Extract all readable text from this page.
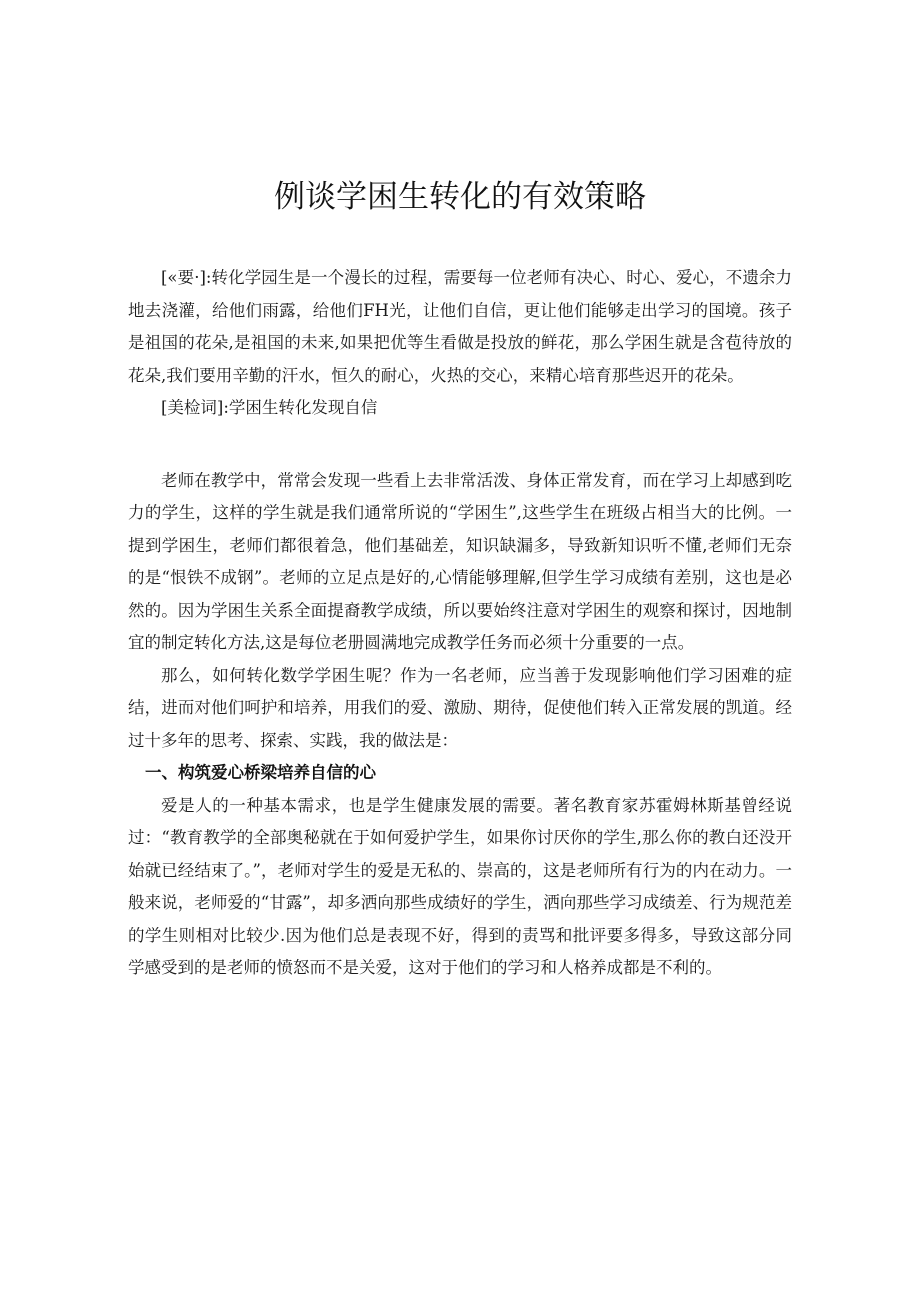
例谈学困生转化的有效策略

[«要·]:转化学园生是一个漫长的过程，需要每一位老师有决心、时心、爱心，不遗余力地去浇灌，给他们雨露，给他们FH光，让他们自信，更让他们能够走出学习的国境。孩子是祖国的花朵,是祖国的未来,如果把优等生看做是投放的鲜花，那么学困生就是含苞待放的花朵,我们要用辛勤的汗水，恒久的耐心，火热的交心，来精心培育那些迟开的花朵。

[美检词]:学困生转化发现自信

老师在教学中，常常会发现一些看上去非常活泼、身体正常发育，而在学习上却感到吃力的学生，这样的学生就是我们通常所说的“学困生”,这些学生在班级占相当大的比例。一提到学困生，老师们都很着急，他们基础差，知识缺漏多，导致新知识听不懂,老师们无奈的是“恨铁不成钢”。老师的立足点是好的,心情能够理解,但学生学习成绩有差别，这也是必然的。因为学困生关系全面提裔教学成绩，所以要始终注意对学困生的观察和探讨，因地制宜的制定转化方法,这是每位老册圆满地完成教学任务而必须十分重要的一点。

那么，如何转化数学学困生呢？作为一名老师，应当善于发现影响他们学习困难的症结，进而对他们呵护和培养，用我们的爱、激励、期待，促使他们转入正常发展的凯道。经过十多年的思考、探索、实践，我的做法是：

一、构筑爱心桥梁培养自信的心

爱是人的一种基本需求，也是学生健康发展的需要。著名教育家苏霍姆林斯基曾经说过：“教育教学的全部奥秘就在于如何爱护学生，如果你讨厌你的学生,那么你的教白还没开始就已经结束了。”，老师对学生的爱是无私的、崇高的，这是老师所有行为的内在动力。一般来说，老师爱的“甘露”，却多洒向那些成绩好的学生，洒向那些学习成绩差、行为规范差的学生则相对比较少.因为他们总是表现不好，得到的责骂和批评要多得多，导致这部分同学感受到的是老师的愤怒而不是关爱，这对于他们的学习和人格养成都是不利的。
